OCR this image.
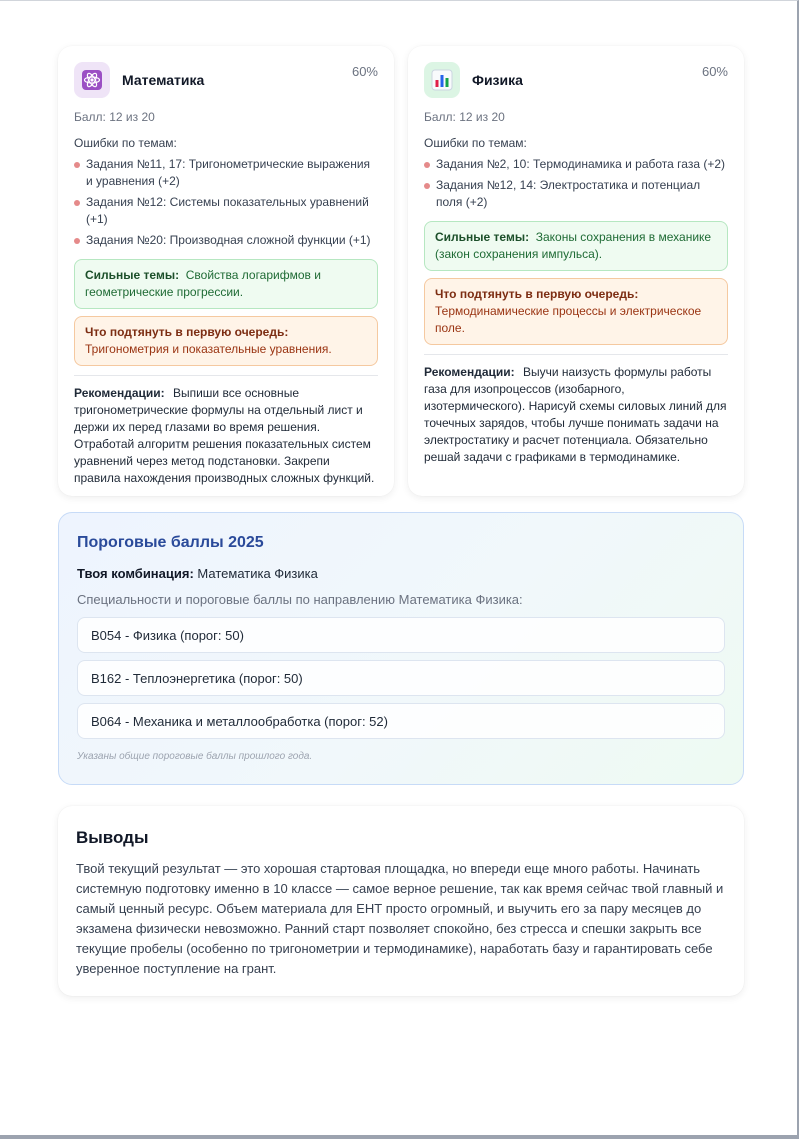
Математика
60%
Балл: 12 из 20
Ошибки по темам:
Задания №11, 17: Тригонометрические выражения и уравнения (+2)
Задания №12: Системы показательных уравнений (+1)
Задания №20: Производная сложной функции (+1)
Сильные темы: Свойства логарифмов и геометрические прогрессии.
Что подтянуть в первую очередь:
Тригонометрия и показательные уравнения.
Рекомендации: Выпиши все основные тригонометрические формулы на отдельный лист и держи их перед глазами во время решения. Отработай алгоритм решения показательных систем уравнений через метод подстановки. Закрепи правила нахождения производных сложных функций.
Физика
60%
Балл: 12 из 20
Ошибки по темам:
Задания №2, 10: Термодинамика и работа газа (+2)
Задания №12, 14: Электростатика и потенциал поля (+2)
Сильные темы: Законы сохранения в механике (закон сохранения импульса).
Что подтянуть в первую очередь:
Термодинамические процессы и электрическое поле.
Рекомендации: Выучи наизусть формулы работы газа для изопроцессов (изобарного, изотермического). Нарисуй схемы силовых линий для точечных зарядов, чтобы лучше понимать задачи на электростатику и расчет потенциала. Обязательно решай задачи с графиками в термодинамике.
Пороговые баллы 2025
Твоя комбинация: Математика Физика
Специальности и пороговые баллы по направлению Математика Физика:
B054 - Физика (порог: 50)
B162 - Теплоэнергетика (порог: 50)
B064 - Механика и металлообработка (порог: 52)
Указаны общие пороговые баллы прошлого года.
Выводы
Твой текущий результат — это хорошая стартовая площадка, но впереди еще много работы. Начинать системную подготовку именно в 10 классе — самое верное решение, так как время сейчас твой главный и самый ценный ресурс. Объем материала для ЕНТ просто огромный, и выучить его за пару месяцев до экзамена физически невозможно. Ранний старт позволяет спокойно, без стресса и спешки закрыть все текущие пробелы (особенно по тригонометрии и термодинамике), наработать базу и гарантировать себе уверенное поступление на грант.
